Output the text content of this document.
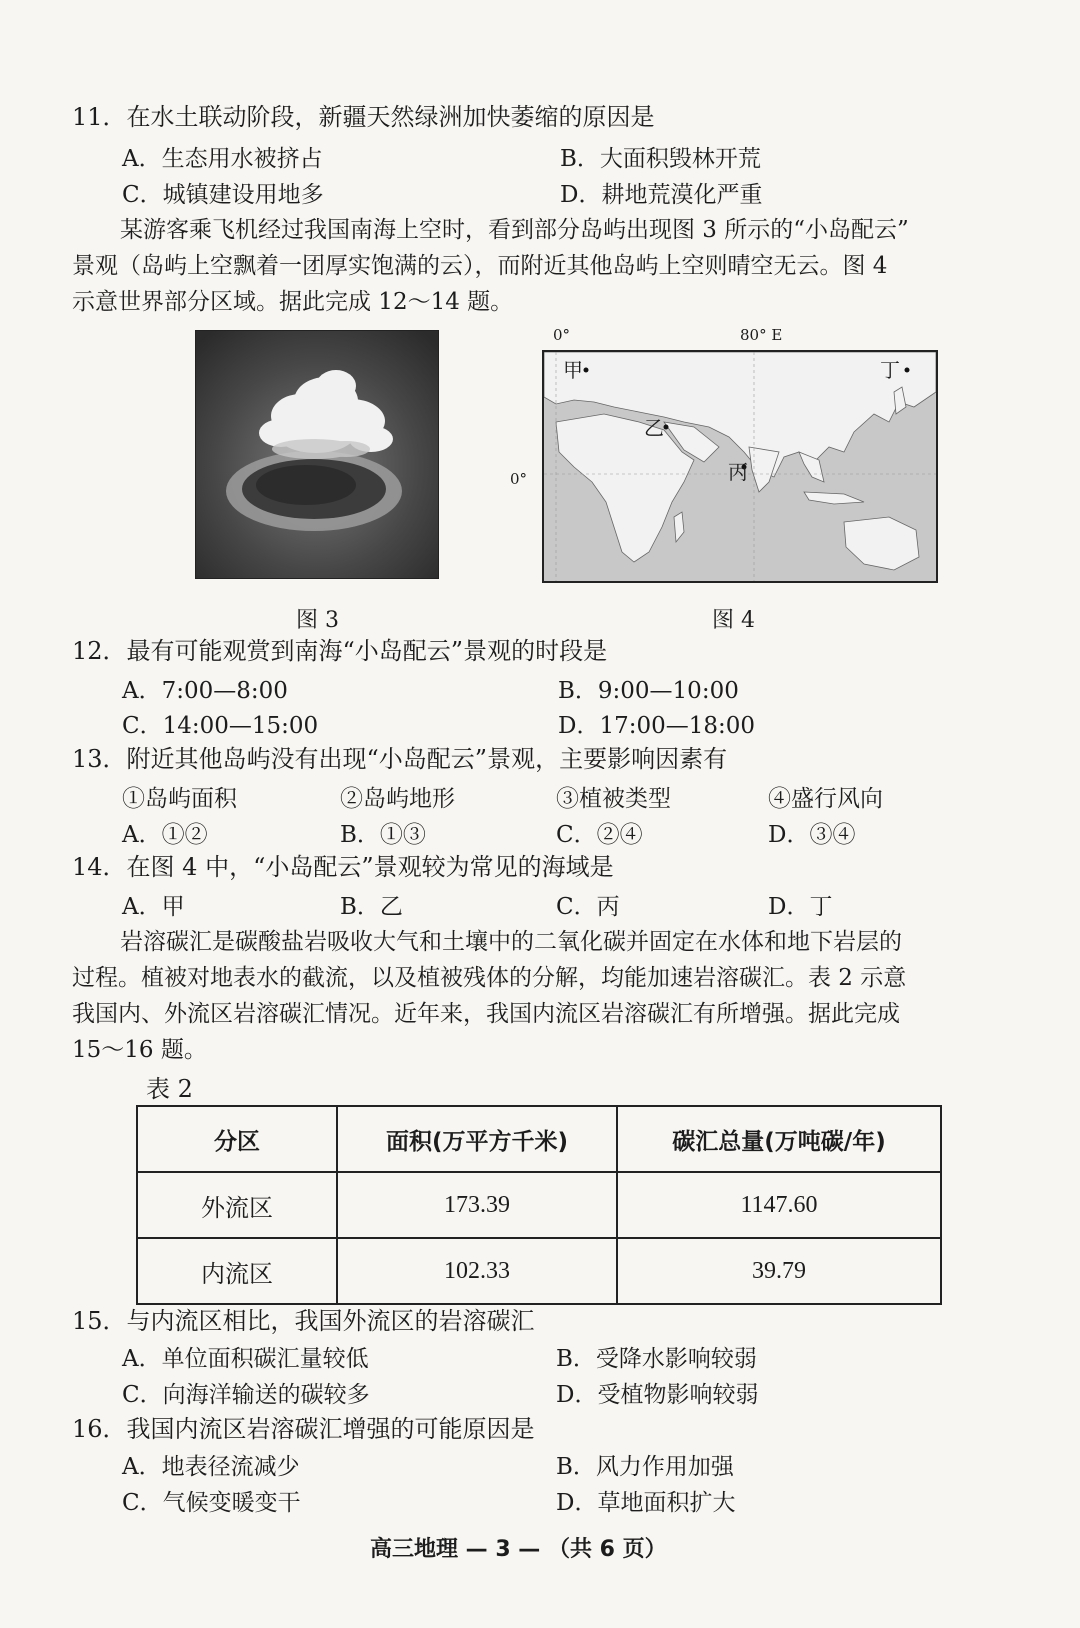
11．在水土联动阶段，新疆天然绿洲加快萎缩的原因是
A．生态用水被挤占	B．大面积毁林开荒
C．城镇建设用地多	D．耕地荒漠化严重
某游客乘飞机经过我国南海上空时，看到部分岛屿出现图 3 所示的“小岛配云”
景观（岛屿上空飘着一团厚实饱满的云），而附近其他岛屿上空则晴空无云。图 4
示意世界部分区域。据此完成 12～14 题。
0°	80° E
0°
甲
乙
丙
丁
图 3	图 4
12．最有可能观赏到南海“小岛配云”景观的时段是
A．7:00—8:00	B．9:00—10:00
C．14:00—15:00	D．17:00—18:00
13．附近其他岛屿没有出现“小岛配云”景观，主要影响因素有
①岛屿面积	②岛屿地形	③植被类型	④盛行风向
A．①②	B．①③	C．②④	D．③④
14．在图 4 中，“小岛配云”景观较为常见的海域是
A．甲	B．乙	C．丙	D．丁
岩溶碳汇是碳酸盐岩吸收大气和土壤中的二氧化碳并固定在水体和地下岩层的
过程。植被对地表水的截流，以及植被残体的分解，均能加速岩溶碳汇。表 2 示意
我国内、外流区岩溶碳汇情况。近年来，我国内流区岩溶碳汇有所增强。据此完成
15～16 题。
表 2
分区	面积(万平方千米)	碳汇总量(万吨碳/年)
外流区	173.39	1147.60
内流区	102.33	39.79
15．与内流区相比，我国外流区的岩溶碳汇
A．单位面积碳汇量较低	B．受降水影响较弱
C．向海洋输送的碳较多	D．受植物影响较弱
16．我国内流区岩溶碳汇增强的可能原因是
A．地表径流减少	B．风力作用加强
C．气候变暖变干	D．草地面积扩大
高三地理 — 3 — （共 6 页）
